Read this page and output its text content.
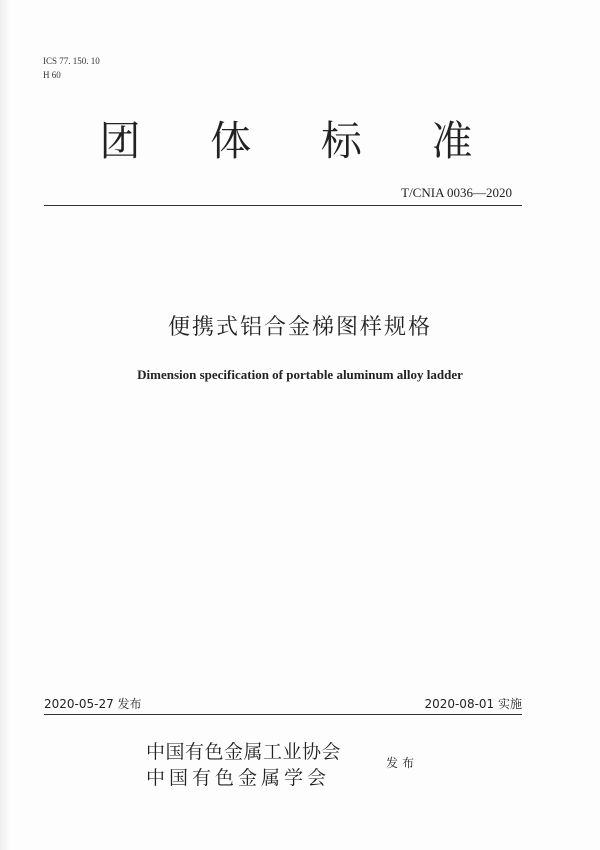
ICS 77. 150. 10
H 60
团 体 标 准
T/CNIA 0036—2020
便携式铝合金梯图样规格
Dimension specification of portable aluminum alloy ladder
2020-05-27 发布	2020-08-01 实施
中国有色金属工业协会
中国有色金属学会
发布
